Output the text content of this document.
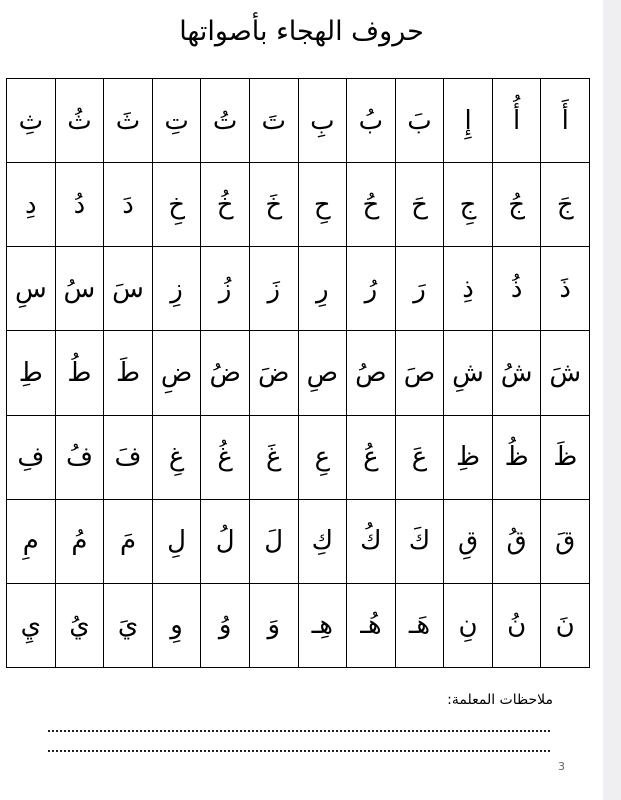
حروف الهجاء بأصواتها
أَ	أُ	إِ	بَ	بُ	بِ	تَ	تُ	تِ	ثَ	ثُ	ثِ
جَ	جُ	جِ	حَ	حُ	حِ	خَ	خُ	خِ	دَ	دُ	دِ
ذَ	ذُ	ذِ	رَ	رُ	رِ	زَ	زُ	زِ	سَ	سُ	سِ
شَ	شُ	شِ	صَ	صُ	صِ	ضَ	ضُ	ضِ	طَ	طُ	طِ
ظَ	ظُ	ظِ	عَ	عُ	عِ	غَ	غُ	غِ	فَ	فُ	فِ
قَ	قُ	قِ	كَ	كُ	كِ	لَ	لُ	لِ	مَ	مُ	مِ
نَ	نُ	نِ	هَـ	هُـ	هِـ	وَ	وُ	وِ	يَ	يُ	يِ
ملاحظات المعلمة:
3
